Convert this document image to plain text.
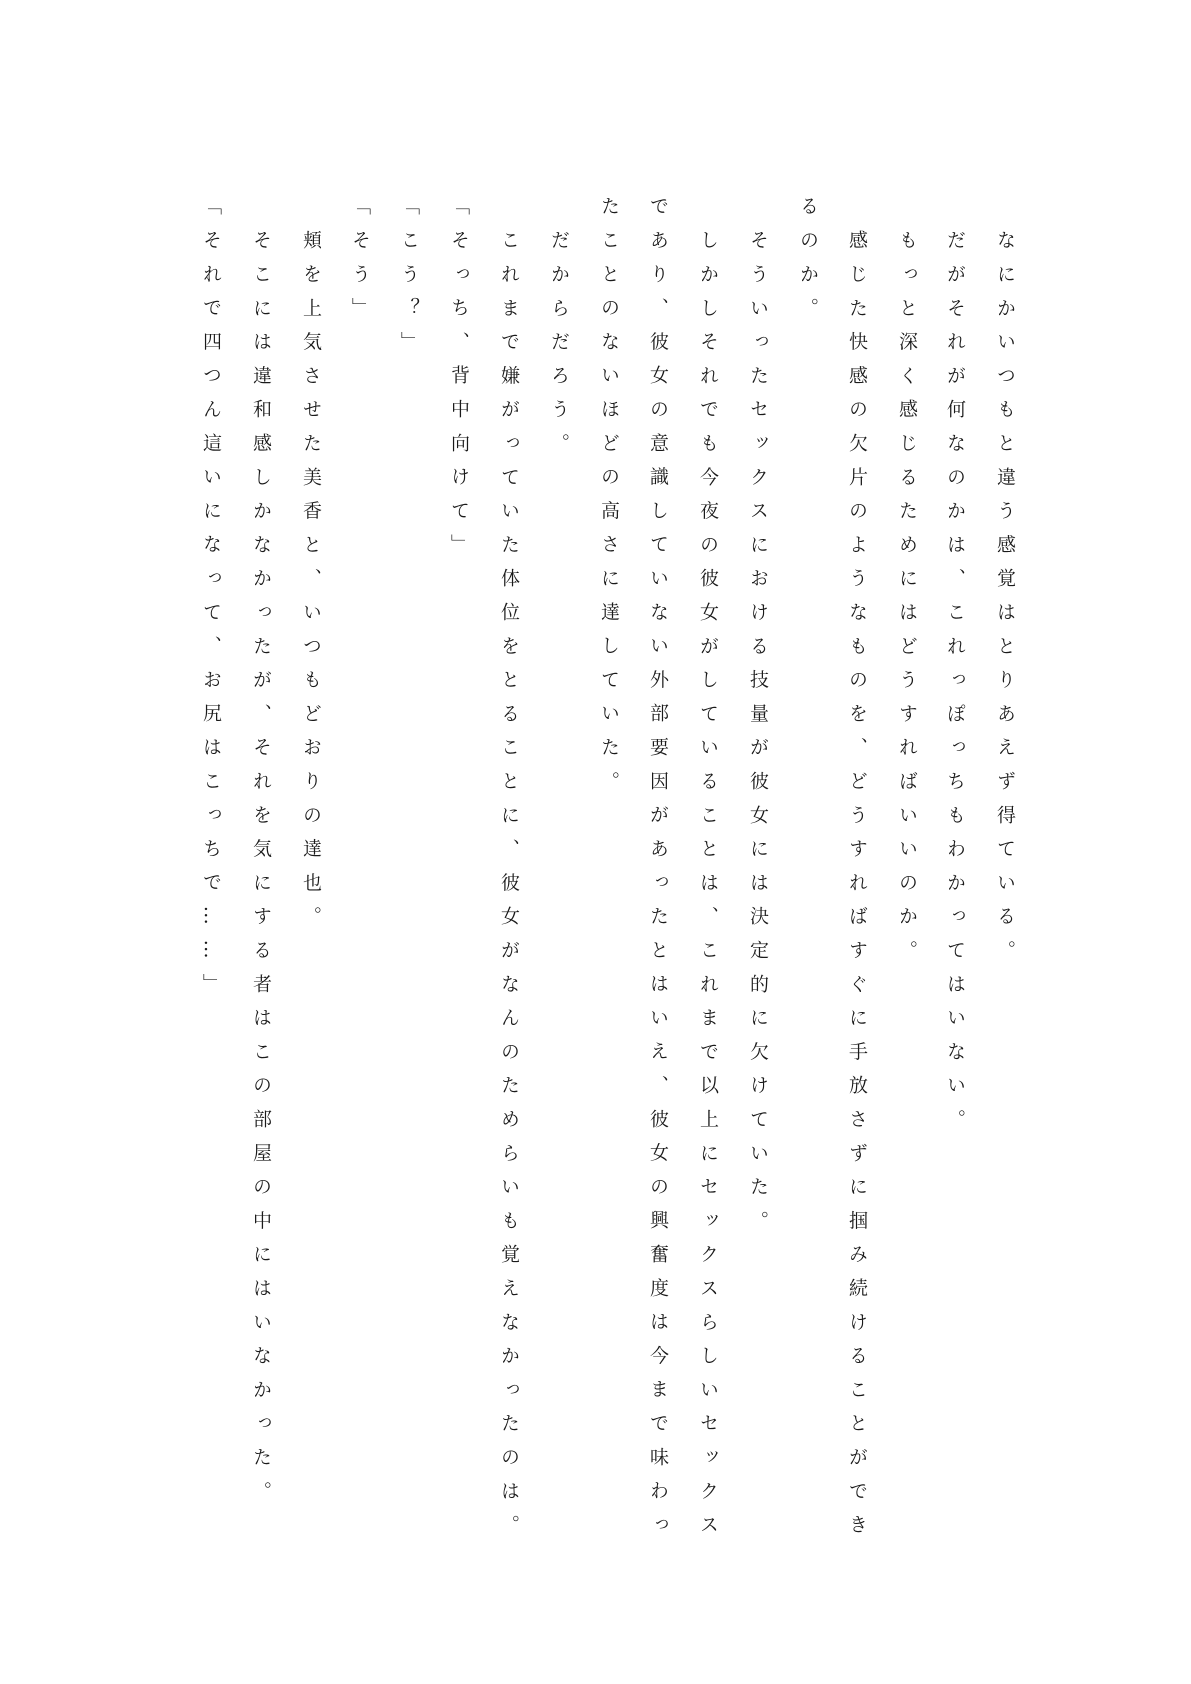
なにかいつもと違う感覚はとりあえず得ている。

だがそれが何なのかは、これっぽっちもわかってはいない。

もっと深く感じるためにはどうすればいいのか。

感じた快感の欠片のようなものを、どうすればすぐに手放さずに掴み続けることができ

るのか。

そういったセックスにおける技量が彼女には決定的に欠けていた。

しかしそれでも今夜の彼女がしていることは、これまで以上にセックスらしいセックス

であり、彼女の意識していない外部要因があったとはいえ、彼女の興奮度は今まで味わっ

たことのないほどの高さに達していた。

だからだろう。

これまで嫌がっていた体位をとることに、彼女がなんのためらいも覚えなかったのは。

「そっち、背中向けて」

「こう？」

「そう」

頬を上気させた美香と、いつもどおりの達也。

そこには違和感しかなかったが、それを気にする者はこの部屋の中にはいなかった。

「それで四つん這いになって、お尻はこっちで……」
